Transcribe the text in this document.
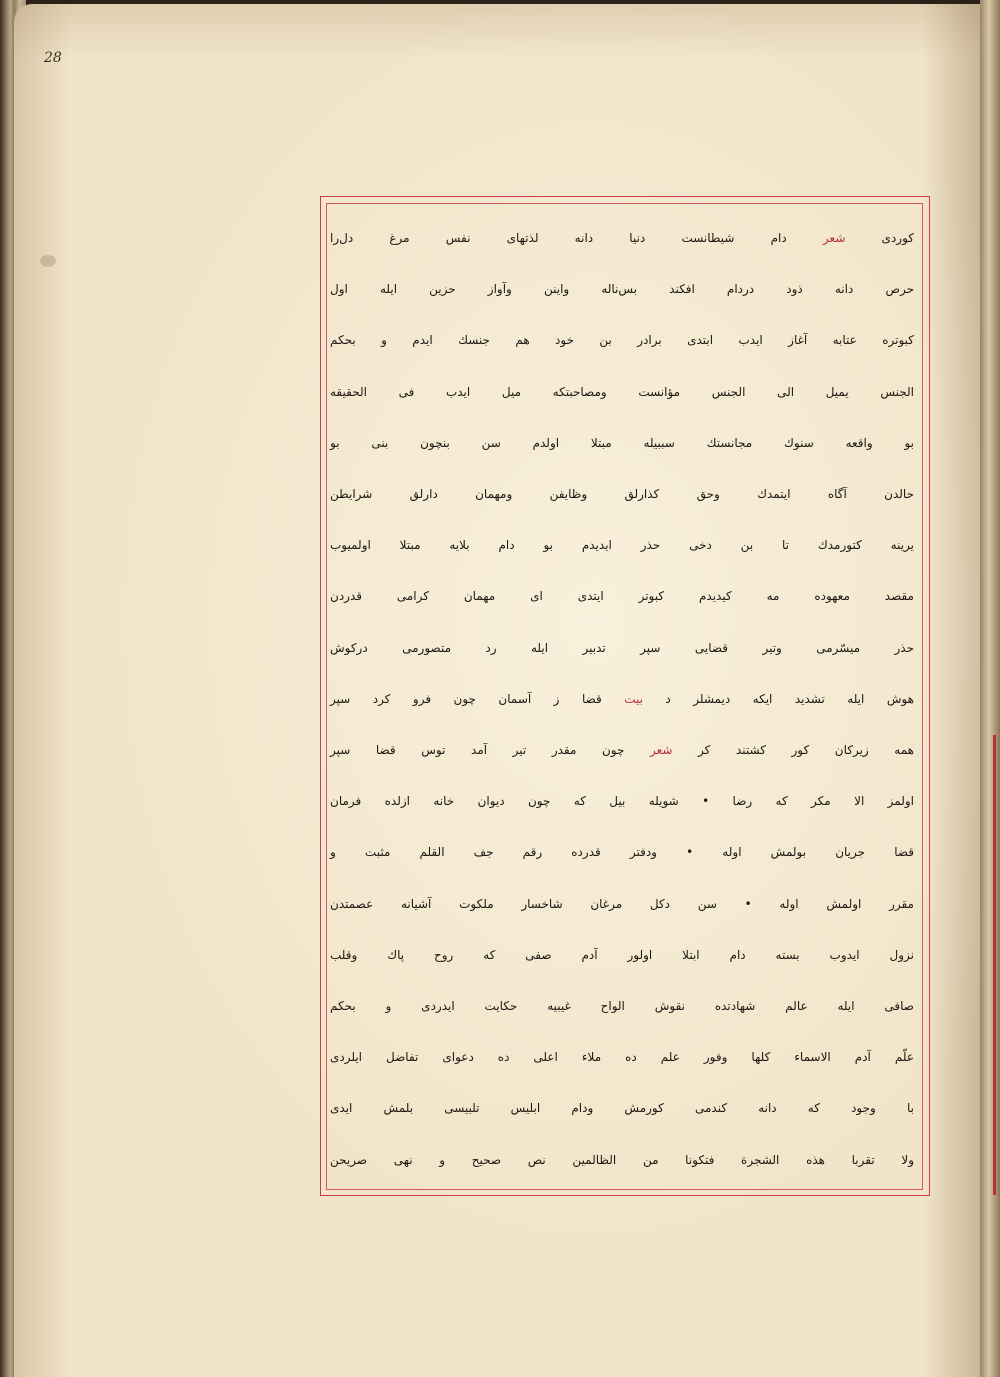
28
کوردی شعر دام شیطانست دنیا دانه لذتهای نفس مرغ دل‌را
حرص دانه ذود دردام افکند بس‌ناله واینن وآواز حزین ایله اول
کبوتره عتابه آغاز ایدب ابتدی برادر بن خود هم جنسك ایدم و بحکم
الجنس یمیل الی الجنس مؤانست ومصاحبتکه میل ایدب فی الحقیقه
بو واقعه سنوك مجانستك سببیله مبتلا اولدم سن بنچون بنی بو
حالدن آگاه ایتمدك وحق کذارلق وظایفن ومهمان دارلق شرایطن
یرینه کتورمدك تا بن دخی حذر ایدیدم بو دام بلایه مبتلا اولمیوب
مقصد معهوده مه کیدیدم کبوتر ایتدی ای مهمان کرامی قدردن
حذر میسّرمی وتیر قضایی سپر تدبیر ایله رد متصورمی درکوش
هوش ایله تشدید ایکه دیمشلر د بیت قضا ز آسمان چون فرو کرد سپر
همه زیرکان کور کشتند کر شعر چون مقدر تیر آمد توس قضا سپر
اولمز الا مکر که رضا • شویله بیل که چون دیوان خانه ازلده فرمان
قضا جریان بولمش اوله • ودفتر قدرده رقم جف القلم مثبت و
مقرر اولمش اوله • سن دکل مرغان شاخسار ملکوت آشیانه عصمتدن
نزول ایدوب بسته دام ابتلا اولور آدم صفی که روح پاك وقلب
صافی ایله عالم شهادتده نقوش الواح غیبیه حکایت ایدردی و بحکم
علّم آدم الاسماء کلها وفور علم ده ملاء اعلی ده دعوای تفاضل ایلردی
با وجود که دانه کندمی کورمش ودام ابلیس تلبیسی بلمش ایدی
ولا تقربا هذه الشجرة فتکونا من الظالمین نص صحیح و نهی صریحن
